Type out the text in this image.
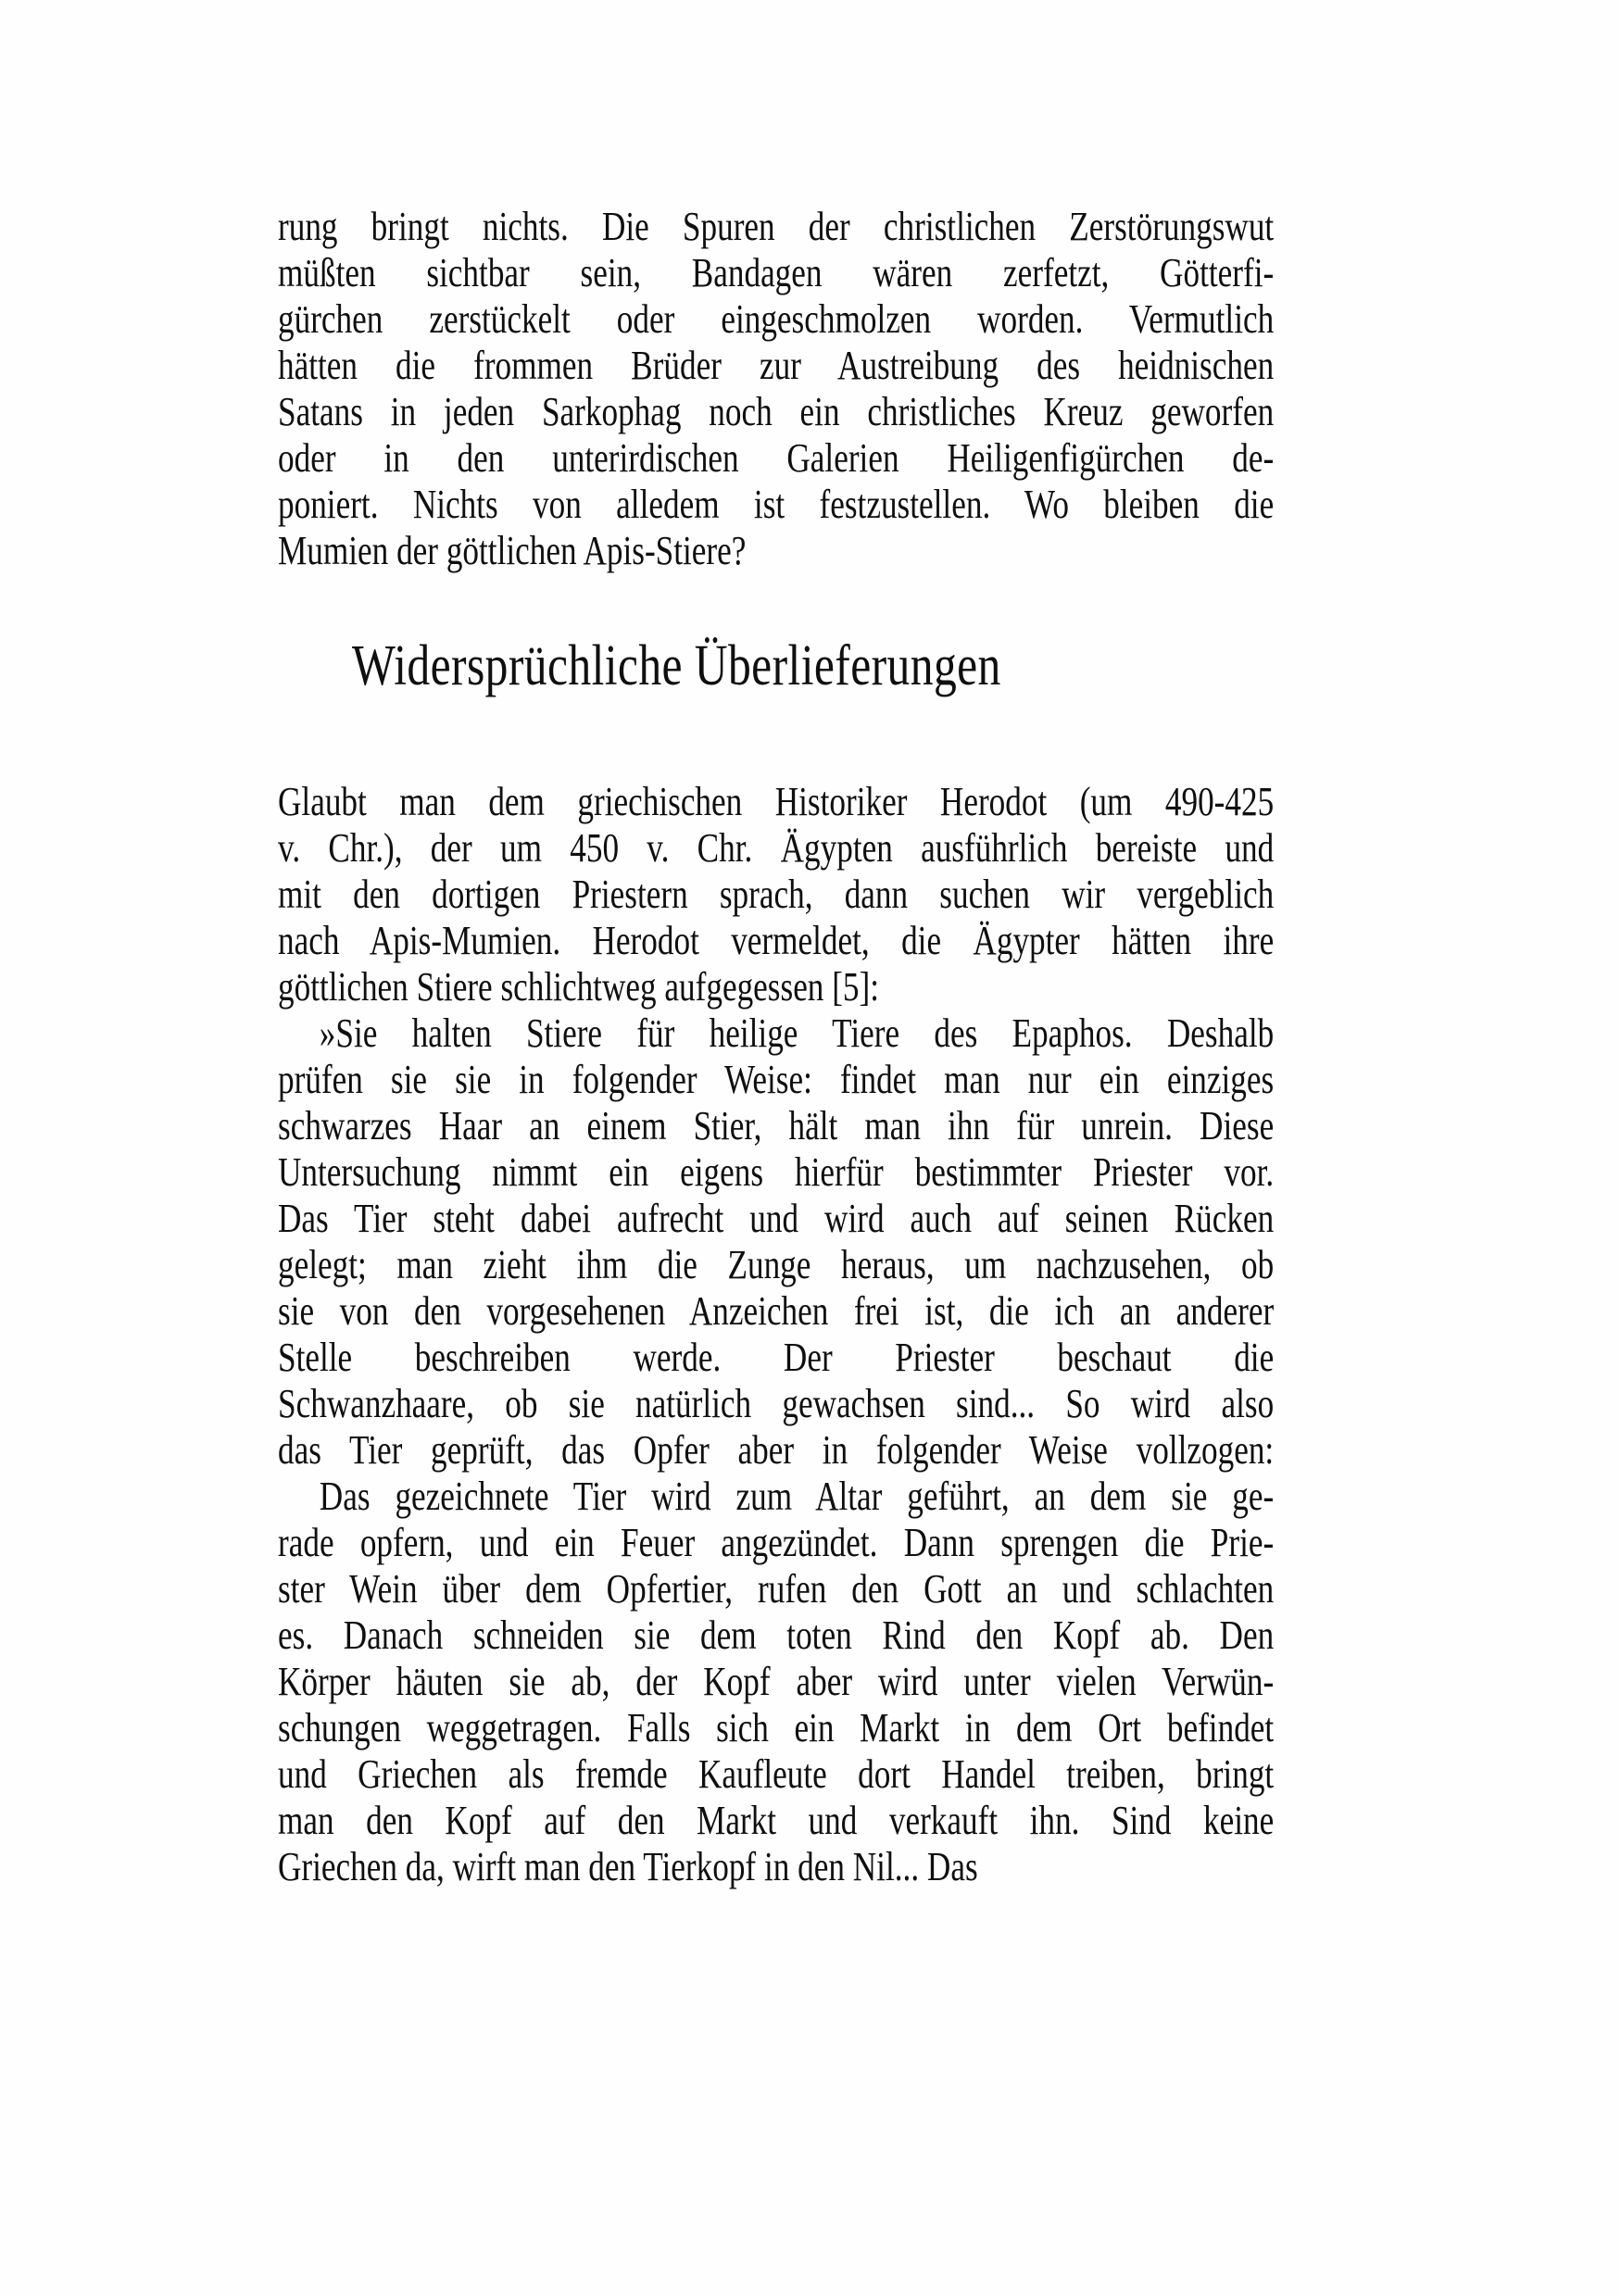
rung bringt nichts. Die Spuren der christlichen Zerstörungswut
müßten sichtbar sein, Bandagen wären zerfetzt, Götterfi-
gürchen zerstückelt oder eingeschmolzen worden. Vermutlich
hätten die frommen Brüder zur Austreibung des heidnischen
Satans in jeden Sarkophag noch ein christliches Kreuz geworfen
oder in den unterirdischen Galerien Heiligenfigürchen de-
poniert. Nichts von alledem ist festzustellen. Wo bleiben die
Mumien der göttlichen Apis-Stiere?
Widersprüchliche Überlieferungen
Glaubt man dem griechischen Historiker Herodot (um 490-425
v. Chr.), der um 450 v. Chr. Ägypten ausführlich bereiste und
mit den dortigen Priestern sprach, dann suchen wir vergeblich
nach Apis-Mumien. Herodot vermeldet, die Ägypter hätten ihre
göttlichen Stiere schlichtweg aufgegessen [5]:
»Sie halten Stiere für heilige Tiere des Epaphos. Deshalb
prüfen sie sie in folgender Weise: findet man nur ein einziges
schwarzes Haar an einem Stier, hält man ihn für unrein. Diese
Untersuchung nimmt ein eigens hierfür bestimmter Priester vor.
Das Tier steht dabei aufrecht und wird auch auf seinen Rücken
gelegt; man zieht ihm die Zunge heraus, um nachzusehen, ob
sie von den vorgesehenen Anzeichen frei ist, die ich an anderer
Stelle beschreiben werde. Der Priester beschaut die
Schwanzhaare, ob sie natürlich gewachsen sind... So wird also
das Tier geprüft, das Opfer aber in folgender Weise vollzogen:
Das gezeichnete Tier wird zum Altar geführt, an dem sie ge-
rade opfern, und ein Feuer angezündet. Dann sprengen die Prie-
ster Wein über dem Opfertier, rufen den Gott an und schlachten
es. Danach schneiden sie dem toten Rind den Kopf ab. Den
Körper häuten sie ab, der Kopf aber wird unter vielen Verwün-
schungen weggetragen. Falls sich ein Markt in dem Ort befindet
und Griechen als fremde Kaufleute dort Handel treiben, bringt
man den Kopf auf den Markt und verkauft ihn. Sind keine
Griechen da, wirft man den Tierkopf in den Nil... Das
